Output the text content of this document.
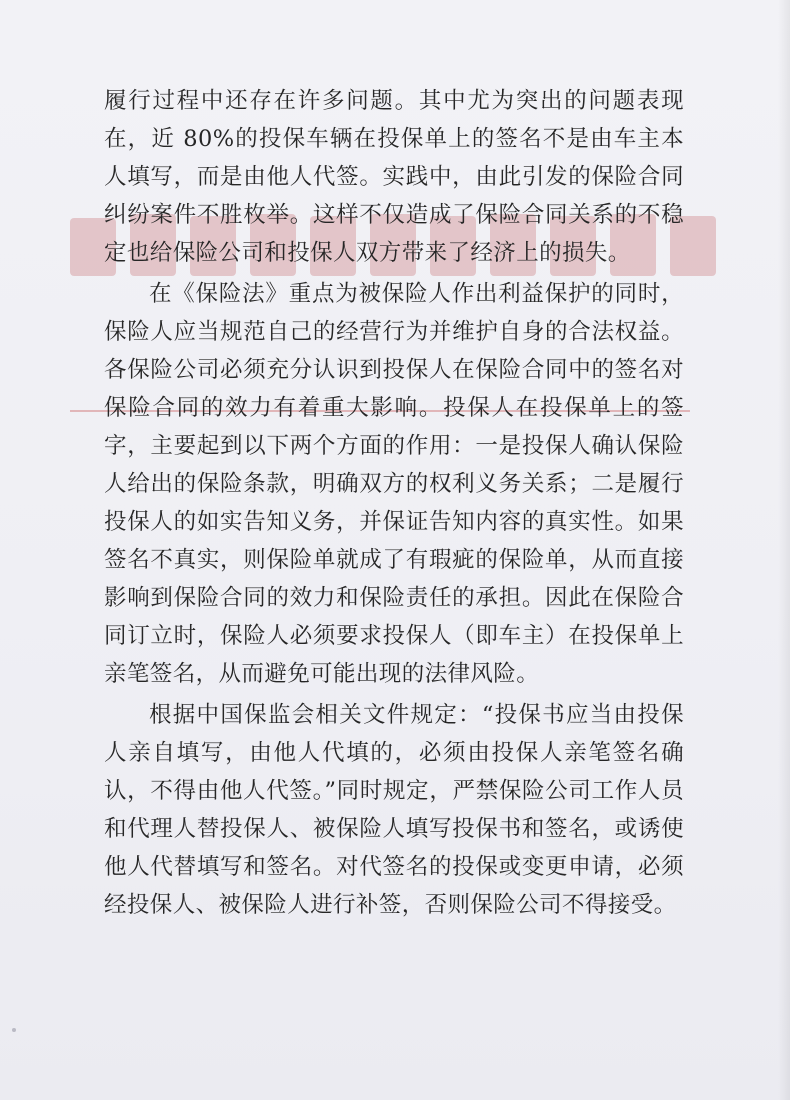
履行过程中还存在许多问题。其中尤为突出的问题表现在，近 80%的投保车辆在投保单上的签名不是由车主本人填写，而是由他人代签。实践中，由此引发的保险合同纠纷案件不胜枚举。这样不仅造成了保险合同关系的不稳定也给保险公司和投保人双方带来了经济上的损失。

在《保险法》重点为被保险人作出利益保护的同时，保险人应当规范自己的经营行为并维护自身的合法权益。各保险公司必须充分认识到投保人在保险合同中的签名对保险合同的效力有着重大影响。投保人在投保单上的签字，主要起到以下两个方面的作用：一是投保人确认保险人给出的保险条款，明确双方的权利义务关系；二是履行投保人的如实告知义务，并保证告知内容的真实性。如果签名不真实，则保险单就成了有瑕疵的保险单，从而直接影响到保险合同的效力和保险责任的承担。因此在保险合同订立时，保险人必须要求投保人（即车主）在投保单上亲笔签名，从而避免可能出现的法律风险。

根据中国保监会相关文件规定：“投保书应当由投保人亲自填写，由他人代填的，必须由投保人亲笔签名确认，不得由他人代签。”同时规定，严禁保险公司工作人员和代理人替投保人、被保险人填写投保书和签名，或诱使他人代替填写和签名。对代签名的投保或变更申请，必须经投保人、被保险人进行补签，否则保险公司不得接受。
